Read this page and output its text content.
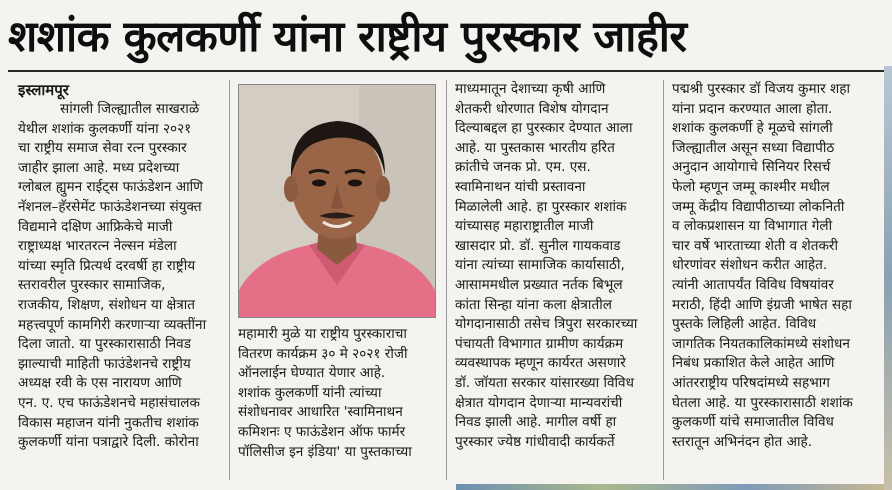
शशांक कुलकर्णी यांना राष्ट्रीय पुरस्कार जाहीर
इस्लामपूर
सांगली जिल्ह्यातील साखराळे
येथील शशांक कुलकर्णी यांना २०२१
चा राष्ट्रीय समाज सेवा रत्न पुरस्कार
जाहीर झाला आहे. मध्य प्रदेशच्या
ग्लोबल ह्युमन राईट्स फाऊंडेशन आणि
नॅशनल–हॅरसेमेंट फाऊंडेशनच्या संयुक्त
विद्यमाने दक्षिण आफ्रिकेचे माजी
राष्ट्राध्यक्ष भारतरत्न नेल्सन मंडेला
यांच्या स्मृति प्रित्यर्थ दरवर्षी हा राष्ट्रीय
स्तरावरील पुरस्कार सामाजिक,
राजकीय, शिक्षण, संशोधन या क्षेत्रात
महत्त्वपूर्ण कामगिरी करणाऱ्या व्यक्तींना
दिला जातो. या पुरस्कारासाठी निवड
झाल्याची माहिती फाउंडेशनचे राष्ट्रीय
अध्यक्ष रवी के एस नारायण आणि
एन. ए. एच फाऊंडेशनचे महासंचालक
विकास महाजन यांनी नुकतीच शशांक
कुलकर्णी यांना पत्राद्वारे दिली. कोरोना
महामारी मुळे या राष्ट्रीय पुरस्काराचा
वितरण कार्यक्रम ३० मे २०२१ रोजी
ऑनलाईन घेण्यात येणार आहे.
शशांक कुलकर्णी यांनी त्यांच्या
संशोधनावर आधारित 'स्वामिनाथन
कमिशनः ए फाऊंडेशन ऑफ फार्मर
पॉलिसीज इन इंडिया' या पुस्तकाच्या
माध्यमातून देशाच्या कृषी आणि
शेतकरी धोरणात विशेष योगदान
दिल्याबद्दल हा पुरस्कार देण्यात आला
आहे. या पुस्तकास भारतीय हरित
क्रांतीचे जनक प्रो. एम. एस.
स्वामिनाथन यांची प्रस्तावना
मिळालेली आहे. हा पुरस्कार शशांक
यांच्यासह महाराष्ट्रातील माजी
खासदार प्रो. डॉ. सुनील गायकवाड
यांना त्यांच्या सामाजिक कार्यासाठी,
आसाममधील प्रख्यात नर्तक बिभूल
कांता सिन्हा यांना कला क्षेत्रातील
योगदानासाठी तसेच त्रिपुरा सरकारच्या
पंचायती विभागात ग्रामीण कार्यक्रम
व्यवस्थापक म्हणून कार्यरत असणारे
डॉ. जॉयता सरकार यांसारख्या विविध
क्षेत्रात योगदान देणाऱ्या मान्यवरांची
निवड झाली आहे. मागील वर्षी हा
पुरस्कार ज्येष्ठ गांधीवादी कार्यकर्ते
पद्मश्री पुरस्कार डॉ विजय कुमार शहा
यांना प्रदान करण्यात आला होता.
शशांक कुलकर्णी हे मूळचे सांगली
जिल्ह्यातील असून सध्या विद्यापीठ
अनुदान आयोगाचे सिनियर रिसर्च
फेलो म्हणून जम्मू काश्मीर मधील
जम्मू केंद्रीय विद्यापीठाच्या लोकनिती
व लोकप्रशासन या विभागात गेली
चार वर्षे भारताच्या शेती व शेतकरी
धोरणांवर संशोधन करीत आहेत.
त्यांनी आतापर्यंत विविध विषयांवर
मराठी, हिंदी आणि इंग्रजी भाषेत सहा
पुस्तके लिहिली आहेत. विविध
जागतिक नियतकालिकांमध्ये संशोधन
निबंध प्रकाशित केले आहेत आणि
आंतरराष्ट्रीय परिषदांमध्ये सहभाग
घेतला आहे. या पुरस्कारासाठी शशांक
कुलकर्णी यांचे समाजातील विविध
स्तरातून अभिनंदन होत आहे.
